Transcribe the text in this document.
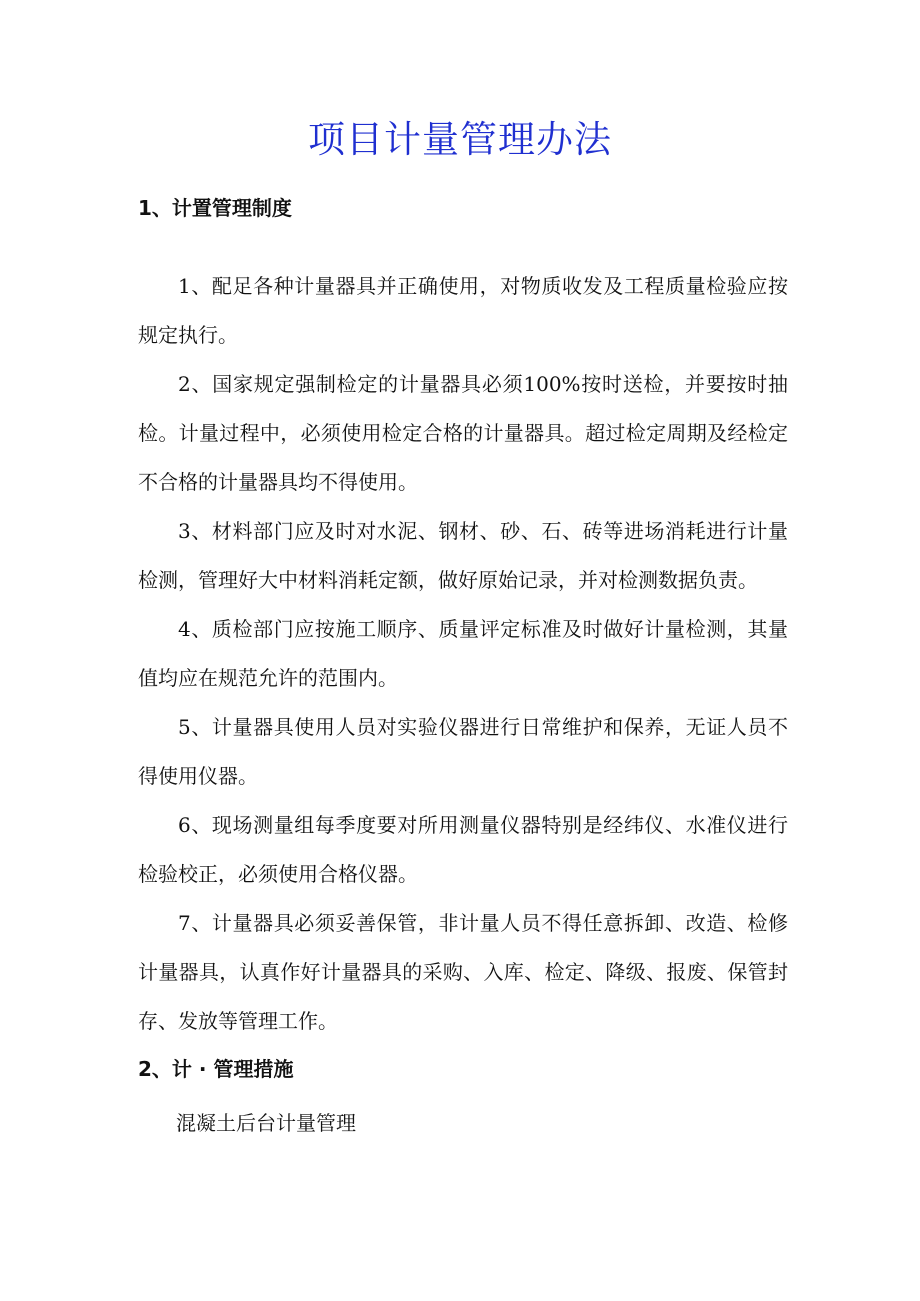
项目计量管理办法
1、计置管理制度

1、配足各种计量器具并正确使用，对物质收发及工程质量检验应按规定执行。

2、国家规定强制检定的计量器具必须100%按时送检，并要按时抽检。计量过程中，必须使用检定合格的计量器具。超过检定周期及经检定不合格的计量器具均不得使用。

3、材料部门应及时对水泥、钢材、砂、石、砖等进场消耗进行计量检测，管理好大中材料消耗定额，做好原始记录，并对检测数据负责。

4、质检部门应按施工顺序、质量评定标准及时做好计量检测，其量值均应在规范允许的范围内。

5、计量器具使用人员对实验仪器进行日常维护和保养，无证人员不得使用仪器。

6、现场测量组每季度要对所用测量仪器特别是经纬仪、水准仪进行检验校正，必须使用合格仪器。

7、计量器具必须妥善保管，非计量人员不得任意拆卸、改造、检修计量器具，认真作好计量器具的采购、入库、检定、降级、报废、保管封存、发放等管理工作。

2、计 · 管理措施

混凝土后台计量管理
